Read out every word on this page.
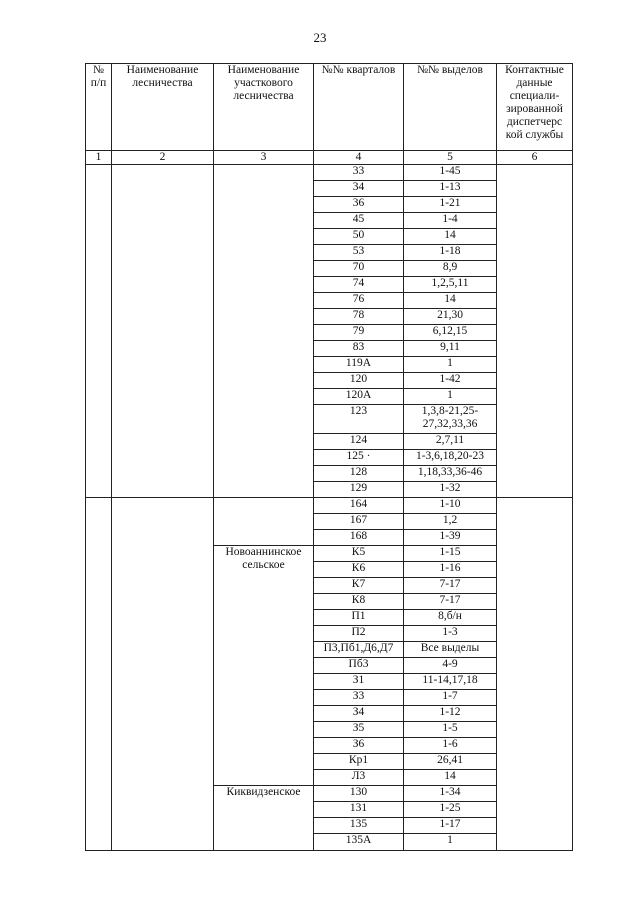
23
№ п/п	Наименование лесничества	Наименование участкового лесничества	№№ кварталов	№№ выделов	Контактные данные специали-зированной диспетчерс кой службы
1	2	3	4	5	6
			33	1-45	
			34	1-13	
			36	1-21	
			45	1-4	
			50	14	
			53	1-18	
			70	8,9	
			74	1,2,5,11	
			76	14	
			78	21,30	
			79	6,12,15	
			83	9,11	
			119А	1	
			120	1-42	
			120А	1	
			123	1,3,8-21,25-27,32,33,36	
			124	2,7,11	
			125 ·	1-3,6,18,20-23	
			128	1,18,33,36-46	
			129	1-32	
			164	1-10	
			167	1,2	
			168	1-39	
		Новоаннинское сельское	К5	1-15	
			К6	1-16	
			К7	7-17	
			К8	7-17	
			П1	8,б/н	
			П2	1-3	
			П3,Пб1,Д6,Д7	Все выделы	
			Пб3	4-9	
			З1	11-14,17,18	
			З3	1-7	
			З4	1-12	
			З5	1-5	
			З6	1-6	
			Кр1	26,41	
			Л3	14	
		Киквидзенское	130	1-34	
			131	1-25	
			135	1-17	
			135А	1	
